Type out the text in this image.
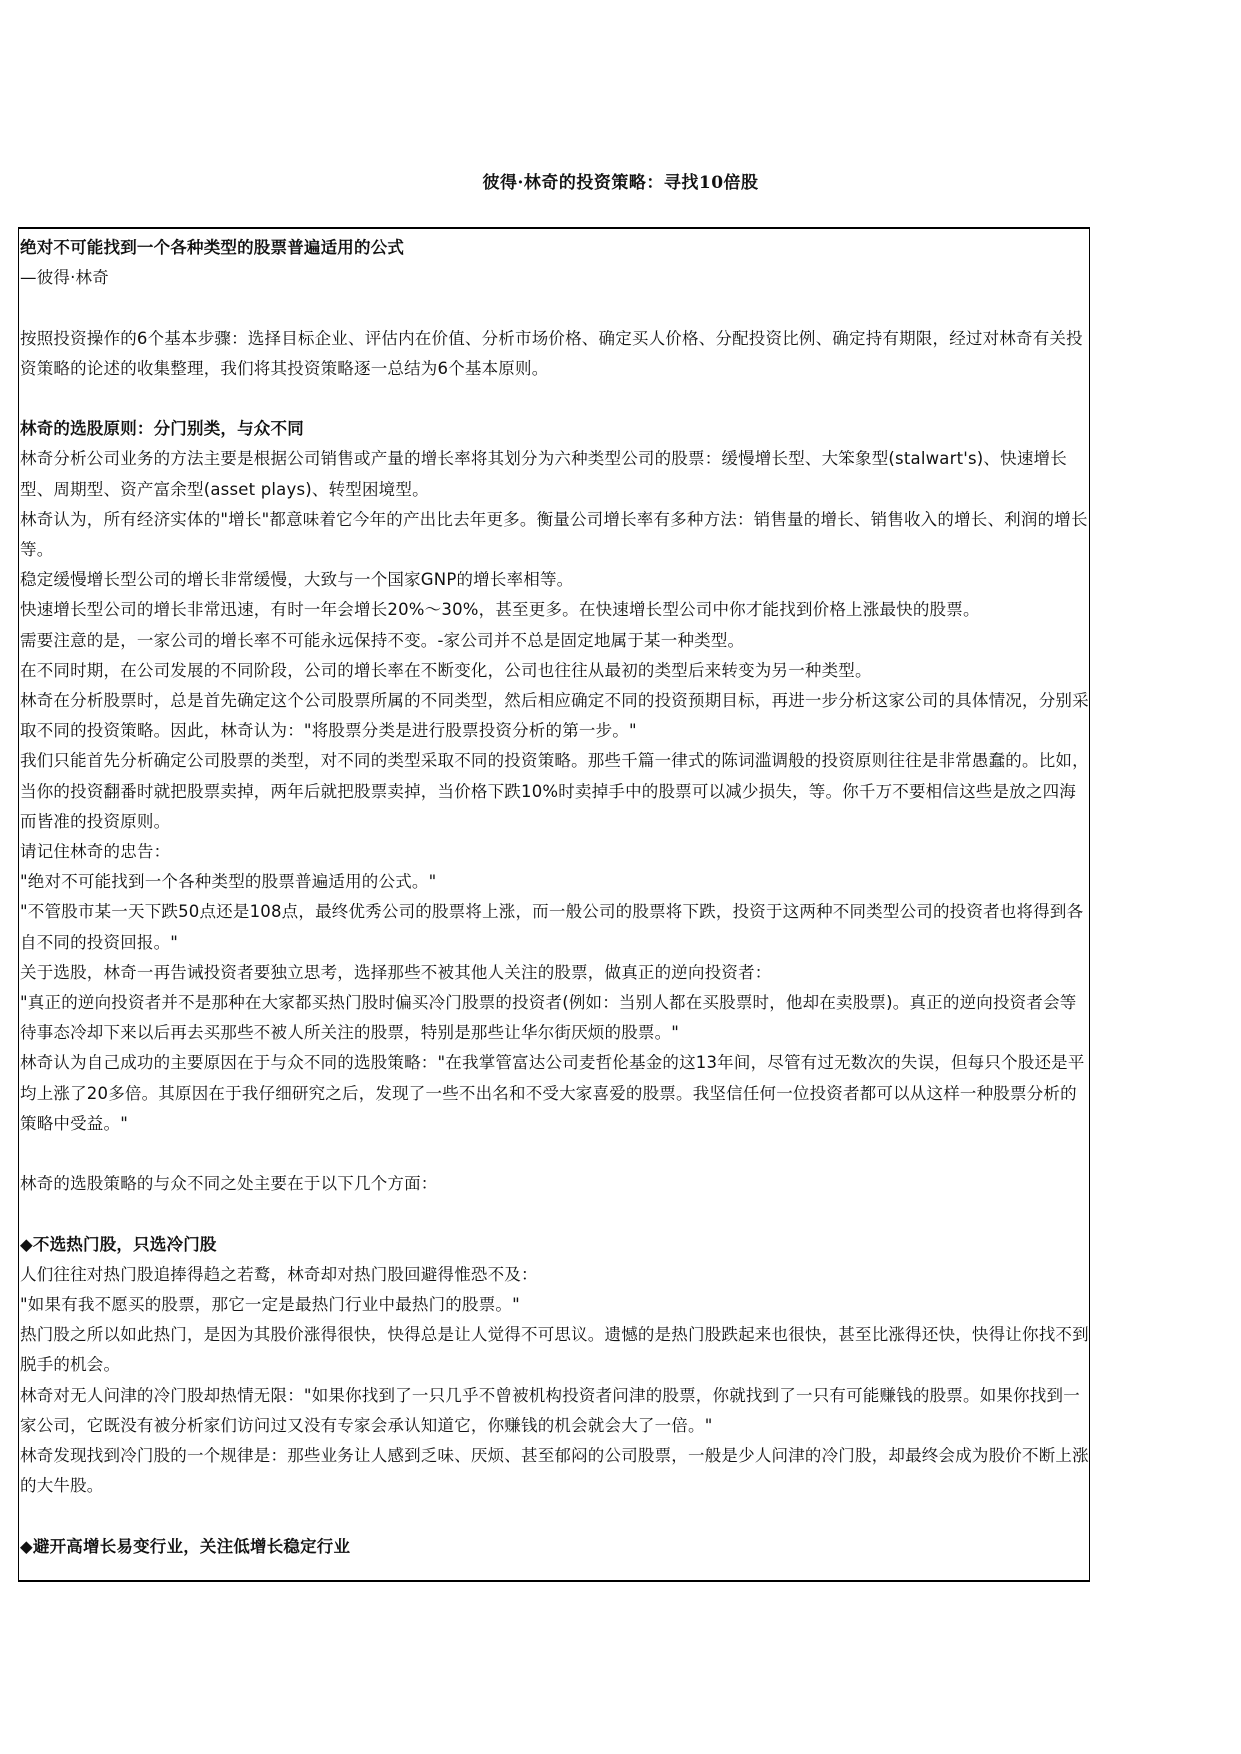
彼得·林奇的投资策略：寻找10倍股
绝对不可能找到一个各种类型的股票普遍适用的公式
—彼得·林奇
按照投资操作的6个基本步骤：选择目标企业、评估内在价值、分析市场价格、确定买人价格、分配投资比例、确定持有期限，经过对林奇有关投资策略的论述的收集整理，我们将其投资策略逐一总结为6个基本原则。
林奇的选股原则：分门别类，与众不同
林奇分析公司业务的方法主要是根据公司销售或产量的增长率将其划分为六种类型公司的股票：缓慢增长型、大笨象型(stalwart's)、快速增长型、周期型、资产富余型(asset plays)、转型困境型。
林奇认为，所有经济实体的"增长"都意味着它今年的产出比去年更多。衡量公司增长率有多种方法：销售量的增长、销售收入的增长、利润的增长等。
稳定缓慢增长型公司的增长非常缓慢，大致与一个国家GNP的增长率相等。
快速增长型公司的增长非常迅速，有时一年会增长20%～30%，甚至更多。在快速增长型公司中你才能找到价格上涨最快的股票。
需要注意的是，一家公司的增长率不可能永远保持不变。-家公司并不总是固定地属于某一种类型。
在不同时期，在公司发展的不同阶段，公司的增长率在不断变化，公司也往往从最初的类型后来转变为另一种类型。
林奇在分析股票时，总是首先确定这个公司股票所属的不同类型，然后相应确定不同的投资预期目标，再进一步分析这家公司的具体情况，分别采取不同的投资策略。因此，林奇认为："将股票分类是进行股票投资分析的第一步。"
我们只能首先分析确定公司股票的类型，对不同的类型采取不同的投资策略。那些千篇一律式的陈词滥调般的投资原则往往是非常愚蠢的。比如，当你的投资翻番时就把股票卖掉，两年后就把股票卖掉，当价格下跌10%时卖掉手中的股票可以减少损失，等。你千万不要相信这些是放之四海而皆准的投资原则。
请记住林奇的忠告：
"绝对不可能找到一个各种类型的股票普遍适用的公式。"
"不管股市某一天下跌50点还是108点，最终优秀公司的股票将上涨，而一般公司的股票将下跌，投资于这两种不同类型公司的投资者也将得到各自不同的投资回报。"
关于选股，林奇一再告诫投资者要独立思考，选择那些不被其他人关注的股票，做真正的逆向投资者：
"真正的逆向投资者并不是那种在大家都买热门股时偏买冷门股票的投资者(例如：当别人都在买股票时，他却在卖股票)。真正的逆向投资者会等待事态冷却下来以后再去买那些不被人所关注的股票，特别是那些让华尔街厌烦的股票。"
林奇认为自己成功的主要原因在于与众不同的选股策略："在我掌管富达公司麦哲伦基金的这13年间，尽管有过无数次的失误，但每只个股还是平均上涨了20多倍。其原因在于我仔细研究之后，发现了一些不出名和不受大家喜爱的股票。我坚信任何一位投资者都可以从这样一种股票分析的策略中受益。"
林奇的选股策略的与众不同之处主要在于以下几个方面：
◆不选热门股，只选冷门股
人们往往对热门股追捧得趋之若鹜，林奇却对热门股回避得惟恐不及：
"如果有我不愿买的股票，那它一定是最热门行业中最热门的股票。"
热门股之所以如此热门，是因为其股价涨得很快，快得总是让人觉得不可思议。遗憾的是热门股跌起来也很快，甚至比涨得还快，快得让你找不到脱手的机会。
林奇对无人问津的冷门股却热情无限："如果你找到了一只几乎不曾被机构投资者问津的股票，你就找到了一只有可能赚钱的股票。如果你找到一家公司，它既没有被分析家们访问过又没有专家会承认知道它，你赚钱的机会就会大了一倍。"
林奇发现找到冷门股的一个规律是：那些业务让人感到乏味、厌烦、甚至郁闷的公司股票，一般是少人问津的冷门股，却最终会成为股价不断上涨的大牛股。
◆避开高增长易变行业，关注低增长稳定行业
